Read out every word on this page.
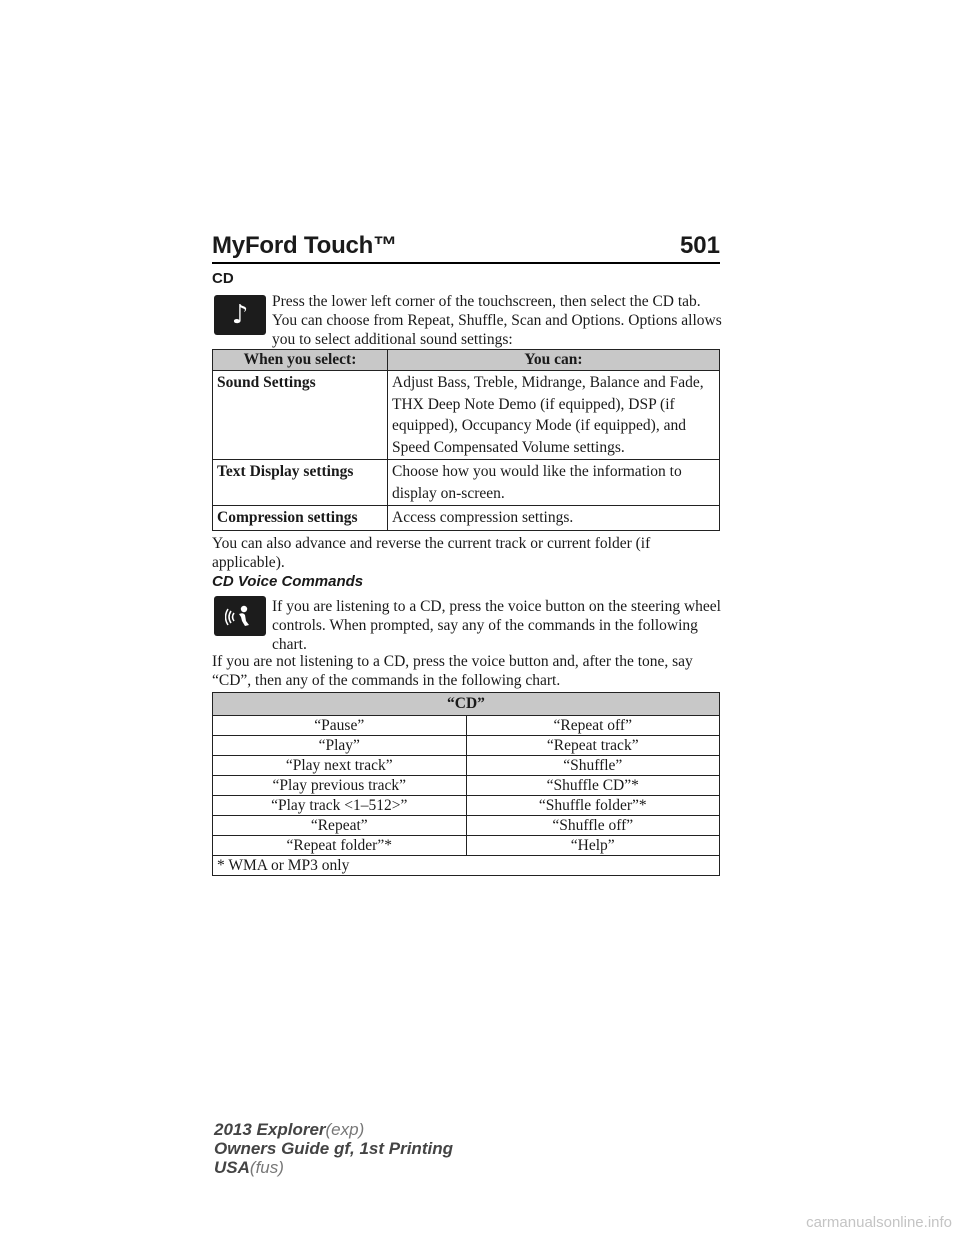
MyFord Touch™	501
CD
♪	Press the lower left corner of the touchscreen, then select the CD tab. You can choose from Repeat, Shuffle, Scan and Options. Options allows you to select additional sound settings:
When you select:	You can:
Sound Settings	Adjust Bass, Treble, Midrange, Balance and Fade, THX Deep Note Demo (if equipped), DSP (if equipped), Occupancy Mode (if equipped), and Speed Compensated Volume settings.
Text Display settings	Choose how you would like the information to display on-screen.
Compression settings	Access compression settings.
You can also advance and reverse the current track or current folder (if applicable).
CD Voice Commands
If you are listening to a CD, press the voice button on the steering wheel controls. When prompted, say any of the commands in the following chart.
If you are not listening to a CD, press the voice button and, after the tone, say “CD”, then any of the commands in the following chart.
“CD”	
“Pause”	“Repeat off”
“Play”	“Repeat track”
“Play next track”	“Shuffle”
“Play previous track”	“Shuffle CD”*
“Play track <1–512>”	“Shuffle folder”*
“Repeat”	“Shuffle off”
“Repeat folder”*	“Help”
* WMA or MP3 only	
2013 Explorer(exp)
Owners Guide gf, 1st Printing
USA(fus)
carmanualsonline.info
